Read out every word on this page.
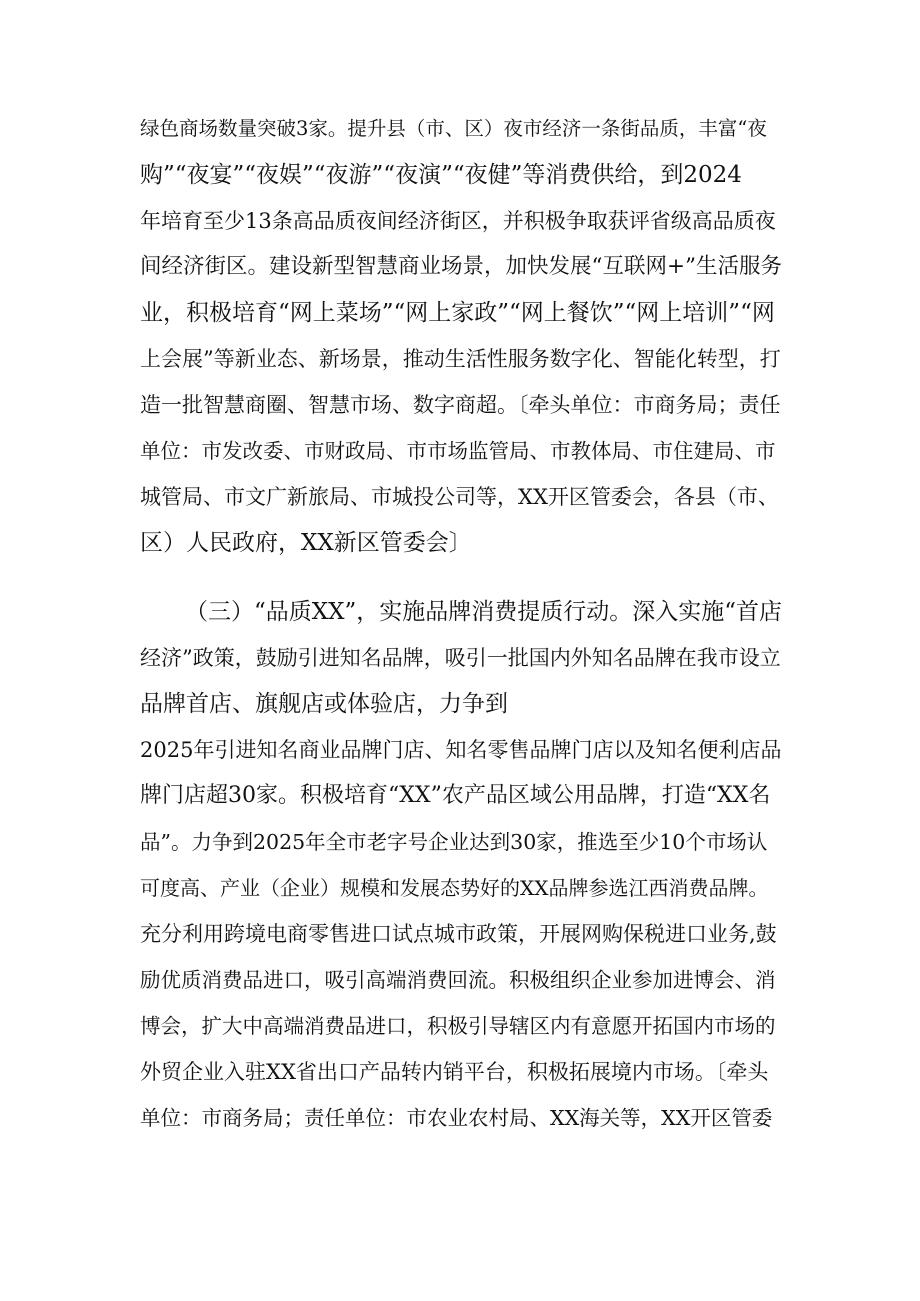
绿色商场数量突破3家。提升县（市、区）夜市经济一条街品质，丰富“夜
购”“夜宴”“夜娱”“夜游”“夜演”“夜健”等消费供给，到2024
年培育至少13条高品质夜间经济街区，并积极争取获评省级高品质夜
间经济街区。建设新型智慧商业场景，加快发展“互联网+”生活服务
业，积极培育“网上菜场”“网上家政”“网上餐饮”“网上培训”“网
上会展”等新业态、新场景，推动生活性服务数字化、智能化转型，打
造一批智慧商圈、智慧市场、数字商超。〔牵头单位：市商务局；责任
单位：市发改委、市财政局、市市场监管局、市教体局、市住建局、市
城管局、市文广新旅局、市城投公司等，XX开区管委会，各县（市、
区）人民政府，XX新区管委会〕
（三）“品质XX”，实施品牌消费提质行动。深入实施“首店
经济”政策，鼓励引进知名品牌，吸引一批国内外知名品牌在我市设立
品牌首店、旗舰店或体验店，力争到
2025年引进知名商业品牌门店、知名零售品牌门店以及知名便利店品
牌门店超30家。积极培育“XX”农产品区域公用品牌，打造“XX名
品”。力争到2025年全市老字号企业达到30家，推选至少10个市场认
可度高、产业（企业）规模和发展态势好的XX品牌参选江西消费品牌。
充分利用跨境电商零售进口试点城市政策，开展网购保税进口业务,鼓
励优质消费品进口，吸引高端消费回流。积极组织企业参加进博会、消
博会，扩大中高端消费品进口，积极引导辖区内有意愿开拓国内市场的
外贸企业入驻XX省出口产品转内销平台，积极拓展境内市场。〔牵头
单位：市商务局；责任单位：市农业农村局、XX海关等，XX开区管委
